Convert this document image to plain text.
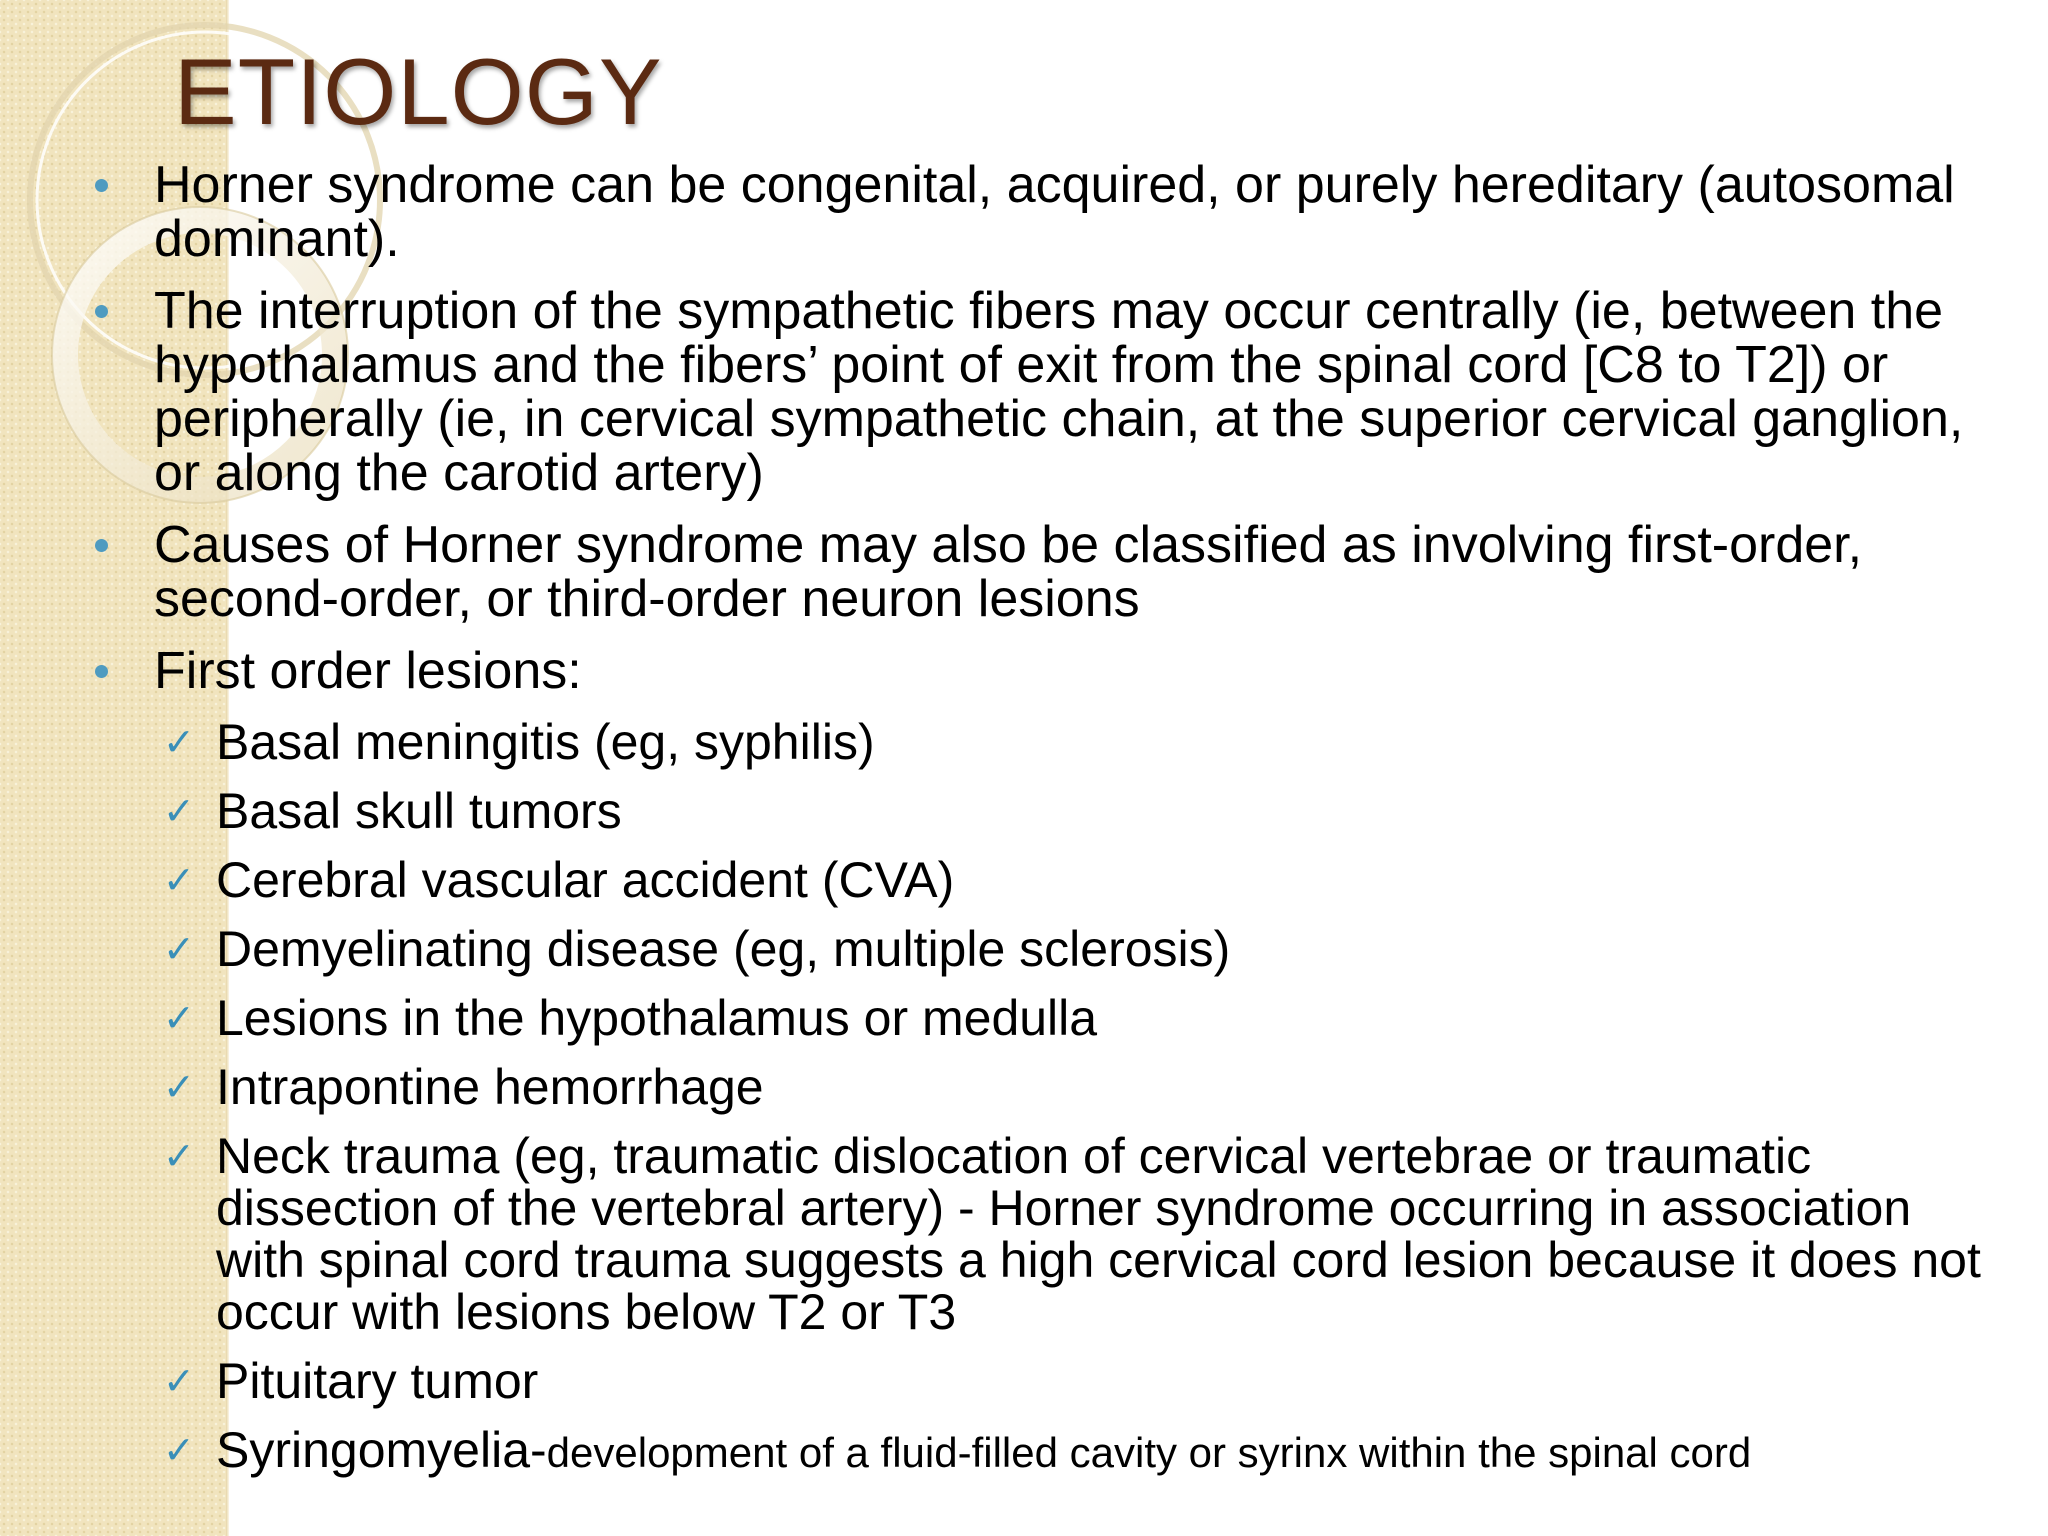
ETIOLOGY
Horner syndrome can be congenital, acquired, or purely hereditary (autosomal dominant).
The interruption of the sympathetic fibers may occur centrally (ie, between the hypothalamus and the fibers’ point of exit from the spinal cord [C8 to T2]) or peripherally (ie, in cervical sympathetic chain, at the superior cervical ganglion, or along the carotid artery)
Causes of Horner syndrome may also be classified as involving first-order, second-order, or third-order neuron lesions
First order lesions:
✓ Basal meningitis (eg, syphilis)
✓ Basal skull tumors
✓ Cerebral vascular accident (CVA)
✓ Demyelinating disease (eg, multiple sclerosis)
✓ Lesions in the hypothalamus or medulla
✓ Intrapontine hemorrhage
✓ Neck trauma (eg, traumatic dislocation of cervical vertebrae or traumatic dissection of the vertebral artery) - Horner syndrome occurring in association with spinal cord trauma suggests a high cervical cord lesion because it does not occur with lesions below T2 or T3
✓ Pituitary tumor
✓ Syringomyelia-development of a fluid-filled cavity or syrinx within the spinal cord
